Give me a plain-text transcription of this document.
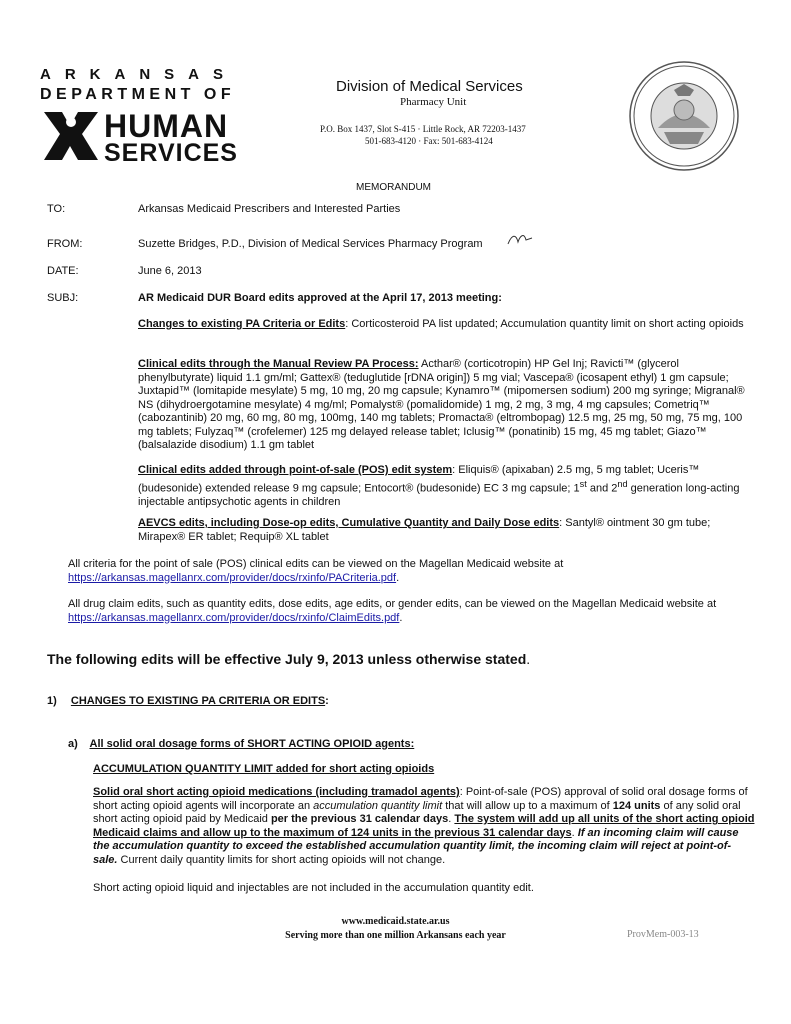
ARKANSAS
DEPARTMENT OF
HUMAN
SERVICES
Division of Medical Services
Pharmacy Unit
P.O. Box 1437, Slot S-415 · Little Rock, AR 72203-1437
501-683-4120 · Fax: 501-683-4124
MEMORANDUM
TO:	Arkansas Medicaid Prescribers and Interested Parties
FROM:	Suzette Bridges, P.D., Division of Medical Services Pharmacy Program
DATE:	June 6, 2013
SUBJ:	AR Medicaid DUR Board edits approved at the April 17, 2013 meeting:
Changes to existing PA Criteria or Edits: Corticosteroid PA list updated; Accumulation quantity limit on short acting opioids
Clinical edits through the Manual Review PA Process: Acthar® (corticotropin) HP Gel Inj; Ravicti™ (glycerol phenylbutyrate) liquid 1.1 gm/ml; Gattex® (teduglutide [rDNA origin]) 5 mg vial; Vascepa® (icosapent ethyl) 1 gm capsule; Juxtapid™ (lomitapide mesylate) 5 mg, 10 mg, 20 mg capsule; Kynamro™ (mipomersen sodium) 200 mg syringe; Migranal® NS (dihydroergotamine mesylate) 4 mg/ml; Pomalyst® (pomalidomide) 1 mg, 2 mg, 3 mg, 4 mg capsules; Cometriq™ (cabozantinib) 20 mg, 60 mg, 80 mg, 100mg, 140 mg tablets; Promacta® (eltrombopag) 12.5 mg, 25 mg, 50 mg, 75 mg, 100 mg tablets; Fulyzaq™ (crofelemer) 125 mg delayed release tablet; Iclusig™ (ponatinib) 15 mg, 45 mg tablet; Giazo™ (balsalazide disodium) 1.1 gm tablet
Clinical edits added through point-of-sale (POS) edit system: Eliquis® (apixaban) 2.5 mg, 5 mg tablet; Uceris™ (budesonide) extended release 9 mg capsule; Entocort® (budesonide) EC 3 mg capsule; 1st and 2nd generation long-acting injectable antipsychotic agents in children
AEVCS edits, including Dose-op edits, Cumulative Quantity and Daily Dose edits: Santyl® ointment 30 gm tube; Mirapex® ER tablet; Requip® XL tablet
All criteria for the point of sale (POS) clinical edits can be viewed on the Magellan Medicaid website at
https://arkansas.magellanrx.com/provider/docs/rxinfo/PACriteria.pdf.
All drug claim edits, such as quantity edits, dose edits, age edits, or gender edits, can be viewed on the Magellan Medicaid website at https://arkansas.magellanrx.com/provider/docs/rxinfo/ClaimEdits.pdf.
The following edits will be effective July 9, 2013 unless otherwise stated.
1) CHANGES TO EXISTING PA CRITERIA OR EDITS:
a) All solid oral dosage forms of SHORT ACTING OPIOID agents:
ACCUMULATION QUANTITY LIMIT added for short acting opioids
Solid oral short acting opioid medications (including tramadol agents): Point-of-sale (POS) approval of solid oral dosage forms of short acting opioid agents will incorporate an accumulation quantity limit that will allow up to a maximum of 124 units of any solid oral short acting opioid paid by Medicaid per the previous 31 calendar days. The system will add up all units of the short acting opioid Medicaid claims and allow up to the maximum of 124 units in the previous 31 calendar days. If an incoming claim will cause the accumulation quantity to exceed the established accumulation quantity limit, the incoming claim will reject at point-of-sale. Current daily quantity limits for short acting opioids will not change.
Short acting opioid liquid and injectables are not included in the accumulation quantity edit.
www.medicaid.state.ar.us
Serving more than one million Arkansans each year	ProvMem-003-13
